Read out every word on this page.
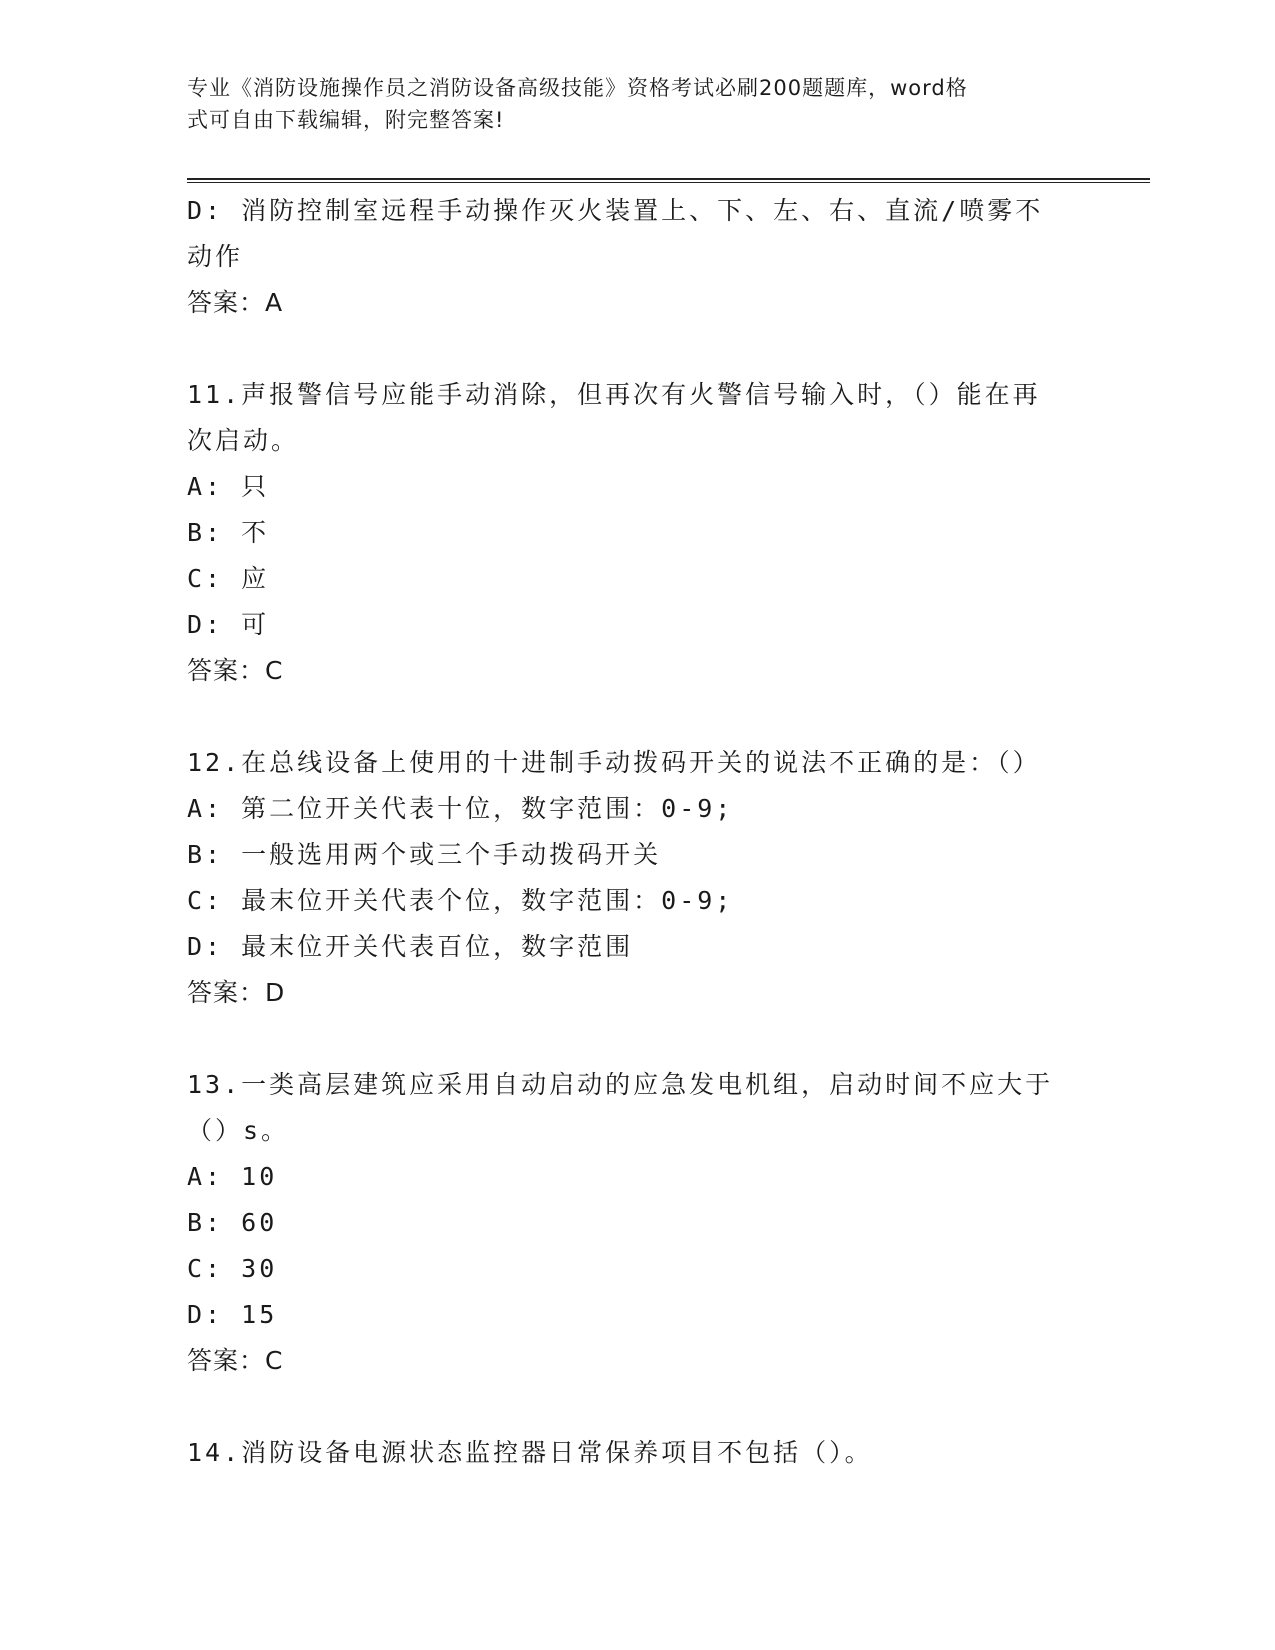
专业《消防设施操作员之消防设备高级技能》资格考试必刷200题题库，word格
式可自由下载编辑，附完整答案!
D: 消防控制室远程手动操作灭火装置上、下、左、右、直流/喷雾不
动作
答案：A
11.声报警信号应能手动消除，但再次有火警信号输入时，（）能在再
次启动。
A: 只
B: 不
C: 应
D: 可
答案：C
12.在总线设备上使用的十进制手动拨码开关的说法不正确的是：（）
A: 第二位开关代表十位，数字范围：0-9;
B: 一般选用两个或三个手动拨码开关
C: 最末位开关代表个位，数字范围：0-9;
D: 最末位开关代表百位，数字范围
答案：D
13.一类高层建筑应采用自动启动的应急发电机组，启动时间不应大于
（）s。
A: 10
B: 60
C: 30
D: 15
答案：C
14.消防设备电源状态监控器日常保养项目不包括（）。
